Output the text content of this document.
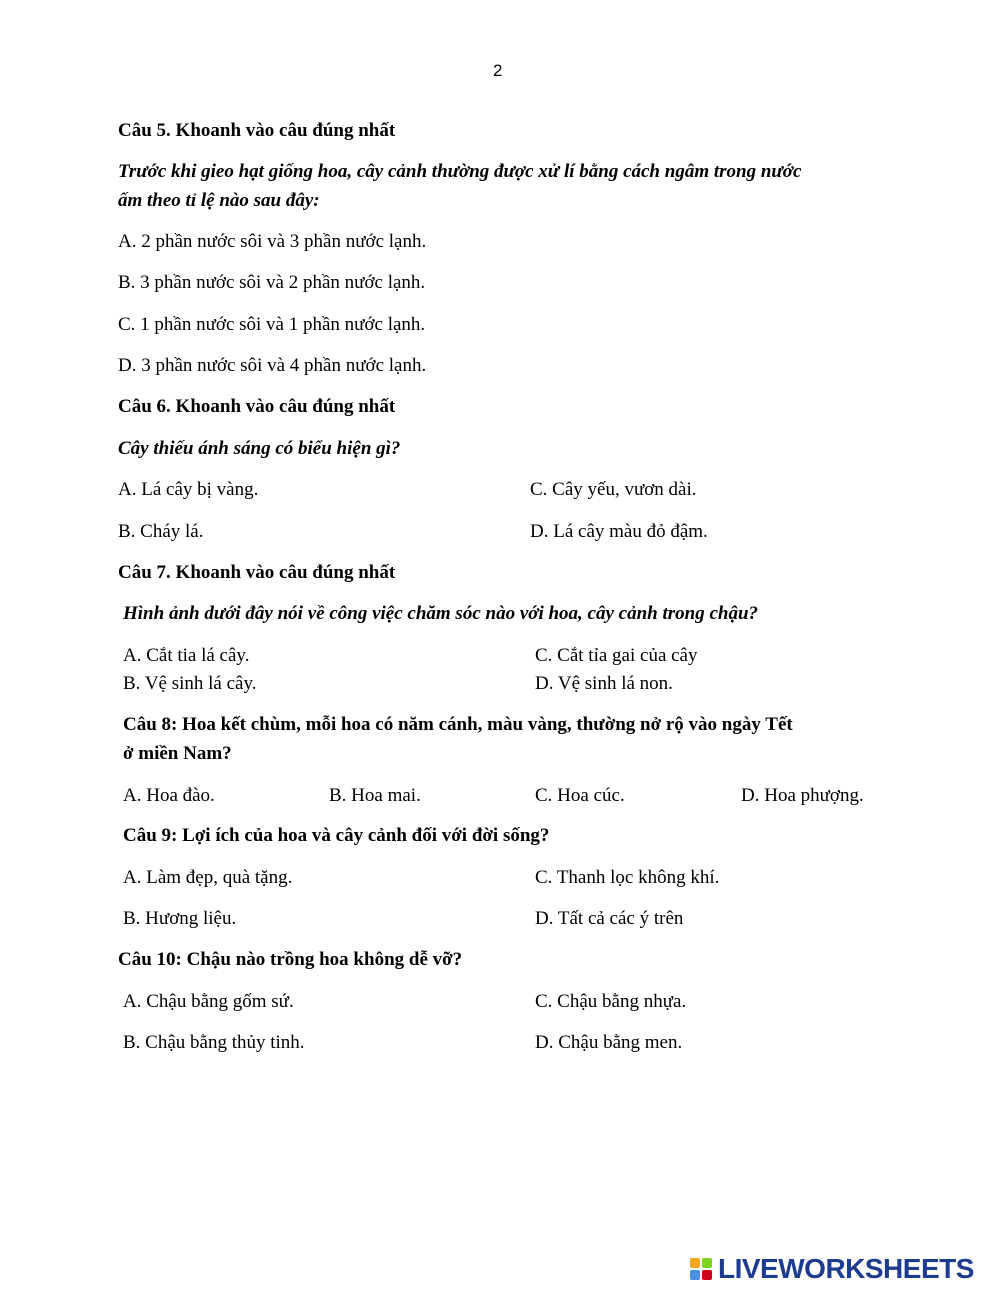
2
Câu 5. Khoanh vào câu đúng nhất
Trước khi gieo hạt giống hoa, cây cảnh thường được xử lí bằng cách ngâm trong nước
ấm theo tỉ lệ nào sau đây:
A. 2 phần nước sôi và 3 phần nước lạnh.
B. 3 phần nước sôi và 2 phần nước lạnh.
C. 1 phần nước sôi và 1 phần nước lạnh.
D. 3 phần nước sôi và 4 phần nước lạnh.
Câu 6. Khoanh vào câu đúng nhất
Cây thiếu ánh sáng có biểu hiện gì?
A. Lá cây bị vàng.	C. Cây yếu, vươn dài.
B. Cháy lá.	D. Lá cây màu đỏ đậm.
Câu 7. Khoanh vào câu đúng nhất
Hình ảnh dưới đây nói về công việc chăm sóc nào với hoa, cây cảnh trong chậu?
A. Cắt tia lá cây.	C. Cắt tỉa gai của cây
B. Vệ sinh lá cây.	D. Vệ sinh lá non.
Câu 8: Hoa kết chùm, mỗi hoa có năm cánh, màu vàng, thường nở rộ vào ngày Tết
ở miền Nam?
A. Hoa đào.	B. Hoa mai.	C. Hoa cúc.	D. Hoa phượng.
Câu 9: Lợi ích của hoa và cây cảnh đối với đời sống?
A. Làm đẹp, quà tặng.	C. Thanh lọc không khí.
B. Hương liệu.	D. Tất cả các ý trên
Câu 10: Chậu nào trồng hoa không dễ vỡ?
A. Chậu bằng gốm sứ.	C. Chậu bằng nhựa.
B. Chậu bằng thủy tinh.	D. Chậu bằng men.
LIVEWORKSHEETS
